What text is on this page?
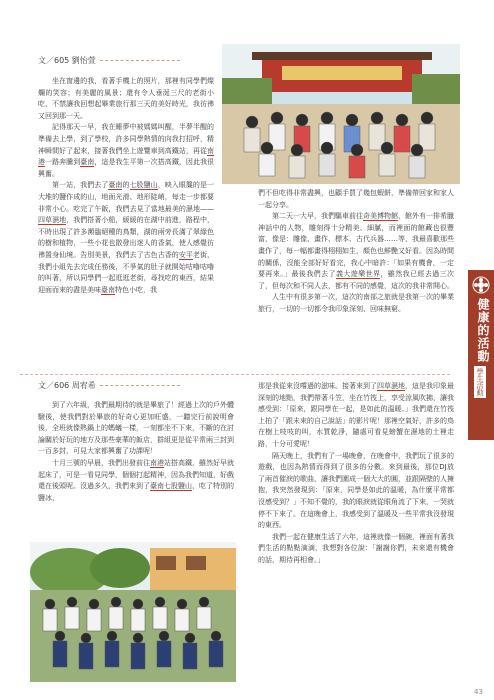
文／605 劉怡萱

坐在窗邊的我，看著手機上的照片，那裡有同學們燦爛的笑容；有美麗的風景；還有令人垂涎三尺的老街小吃，不禁讓我回想起畢業旅行那三天的美好時光，我彷彿又回到那一天。

記得那天一早，我在睡夢中被媽媽叫醒，半夢半醒的準備去上學，到了學校，許多同學熱情的向我打招呼，精神瞬間好了起來，接著我們坐上遊覽車到高鐵站，再從南港一路奔騰到臺南，這是我生平第一次搭高鐵，因此我很興奮。

第一站，我們去了臺南的七股鹽山，映入眼簾的是一大堆的鹽作成的山，地面光滑、地形陡峭，每走一步都要非常小心。吃完了午飯，我們去見了當地最美的濕地——四草濕地，我們搭著小船，緩緩的在湖中前進，路程中，不時出現了許多瀕臨絕種的鳥類，湖的兩旁長滿了翠綠色的樹和植物，一些小花也散發出迷人的香氣，使人感覺彷彿置身仙境。告別美景，我們去了古色古香的安平老街，我們小組先去完成任務後，不爭氣的肚子就開始咕嚕咕嚕的叫著，所以同學們一起逛逛老街，尋找吃的東西，結果迎面而來的盡是美味臺南特色小吃，我

們不但吃得非常盡興，也顧手買了幾包蝦餅，準備帶回家和家人一起分享。

第二天一大早，我們驅車前往奇美博物館，館外有一排希臘神話中的人物，雕刻得十分精美、細膩，而裡面的館藏也很豐富，像是：雕像、畫作、標本、古代兵器……等，我最喜歡那些畫作了，每一幅都畫得栩栩如生，顏色也鮮艷又好看。因為時間的關係，沒能全部好好看完，我心中暗許：「如果有機會，一定要再來。」最後我們去了義大遊樂世界，雖然我已經去過三次了，但每次和不同人去，都有不同的感覺，這次的我非常開心。

人生中有很多第一次，這次的南部之旅就是我第一次的畢業旅行，一切的一切都令我印象深刻、回味無窮。

文／606 周宥希

到了六年級，我們最期待的就是畢旅了！經過上次的戶外體驗後，使我們對於畢旅的好奇心更加旺盛，一聽完行前說明會後，全班就像熱鍋上的螞蟻一樣，一刻都坐不下來，不斷的在討論關於好玩的地方及那些豪華的飯店，群組更是從平常兩三封到一百多封，可見大家都興奮了功課呢！

十月三號的早晨，我們出發前往南港站搭高鐵，雖然好早就起床了，可是一看見同學，個個打起精神，因為我們知道，好戲還在後頭呢。沒過多久，我們來到了臺南七股鹽山，吃了特別的鹽冰，

那是我從來沒嚐過的滋味。接著來到了四草濕地，這是我印象最深刻的地點，我們帶著斗笠，坐在竹筏上，享受涼風吹拂，讓我感受到：「原來，跟同學在一起，是如此的溫暖。」我們還在竹筏上拍了「跟未來的自己說話」的影片呢！那裡空氣好，許多的鳥在樹上吱吱的叫，水質乾淨，隨處可看見螃蟹在濕地的土裡走路，十分可愛呢！

隔天晚上，我們有了一場晚會，在晚會中，我們玩了很多的遊戲，也因為熱情而得到了很多的分數。來到最後，那位DJ放了兩首催淚的歌曲，讓我們圍成一個大大的圓，並跟隔壁的人擁抱，我突然發現到：「原來，同學是如此的溫暖，為什麼平常都沒感受到？」不知不覺的，我的眼淚就從眼角流了下來，一哭就停不下來了。在這晚會上，我感受到了溫暖及一些平常我沒發現的東西。

我們一起在健康生活了六年，這裡就像一個碗，裡面有著我們生活的點點滴滴，我想對各位說：「謝謝你們，未來還有機會的話，期待再相會。」

健康的活動
學生活動
43
